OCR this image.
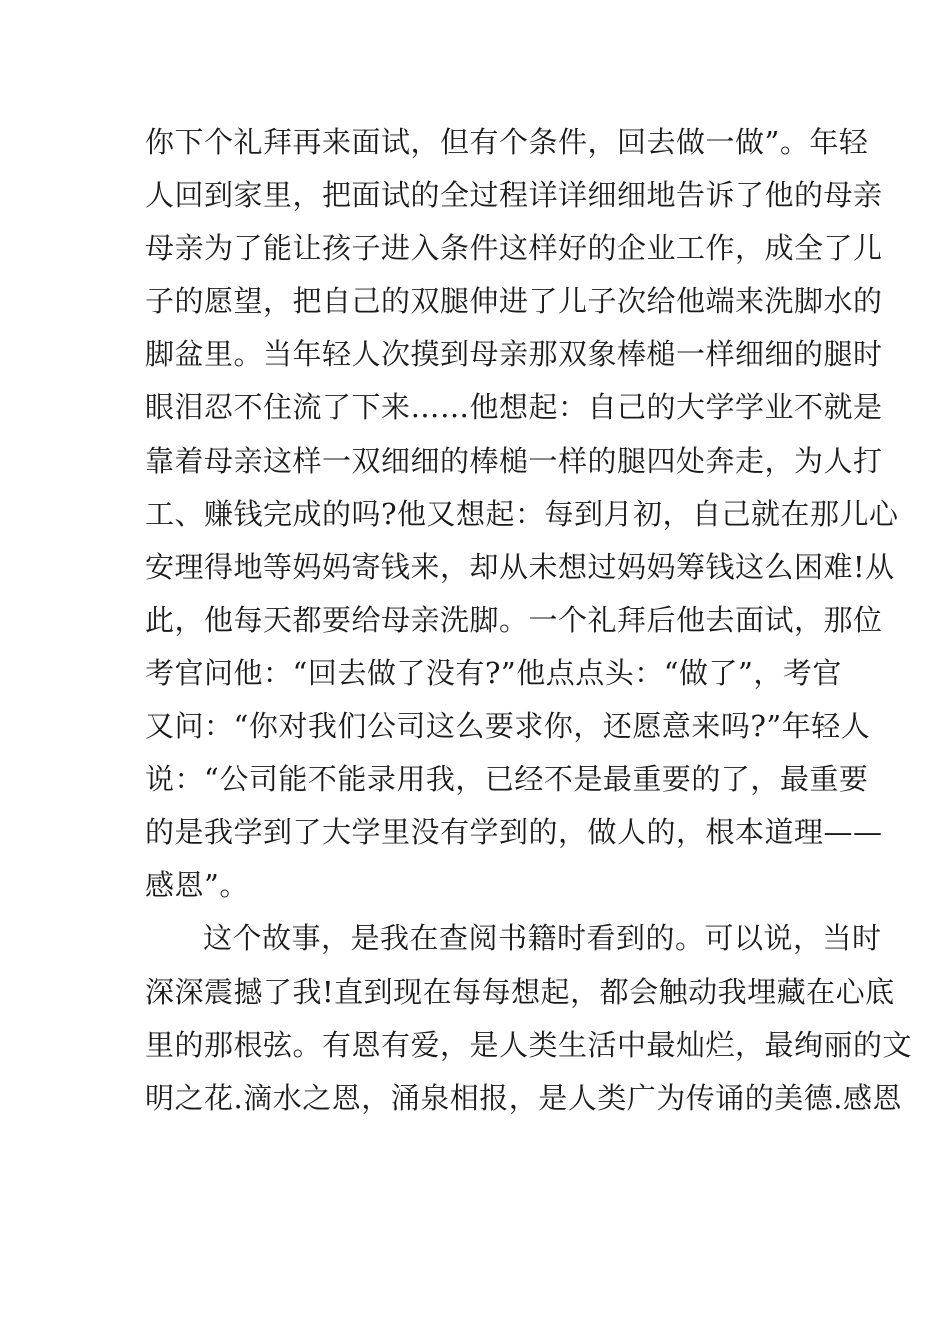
你下个礼拜再来面试，但有个条件，回去做一做”。年轻
人回到家里，把面试的全过程详详细细地告诉了他的母亲
母亲为了能让孩子进入条件这样好的企业工作，成全了儿
子的愿望，把自己的双腿伸进了儿子次给他端来洗脚水的
脚盆里。当年轻人次摸到母亲那双象棒槌一样细细的腿时
眼泪忍不住流了下来……他想起：自己的大学学业不就是
靠着母亲这样一双细细的棒槌一样的腿四处奔走，为人打
工、赚钱完成的吗?他又想起：每到月初，自己就在那儿心
安理得地等妈妈寄钱来，却从未想过妈妈筹钱这么困难!从
此，他每天都要给母亲洗脚。一个礼拜后他去面试，那位
考官问他：“回去做了没有?”他点点头：“做了”，考官
又问：“你对我们公司这么要求你，还愿意来吗?”年轻人
说：“公司能不能录用我，已经不是最重要的了，最重要
的是我学到了大学里没有学到的，做人的，根本道理——
感恩”。
这个故事，是我在查阅书籍时看到的。可以说，当时
深深震撼了我!直到现在每每想起，都会触动我埋藏在心底
里的那根弦。有恩有爱，是人类生活中最灿烂，最绚丽的文
明之花.滴水之恩，涌泉相报，是人类广为传诵的美德.感恩
